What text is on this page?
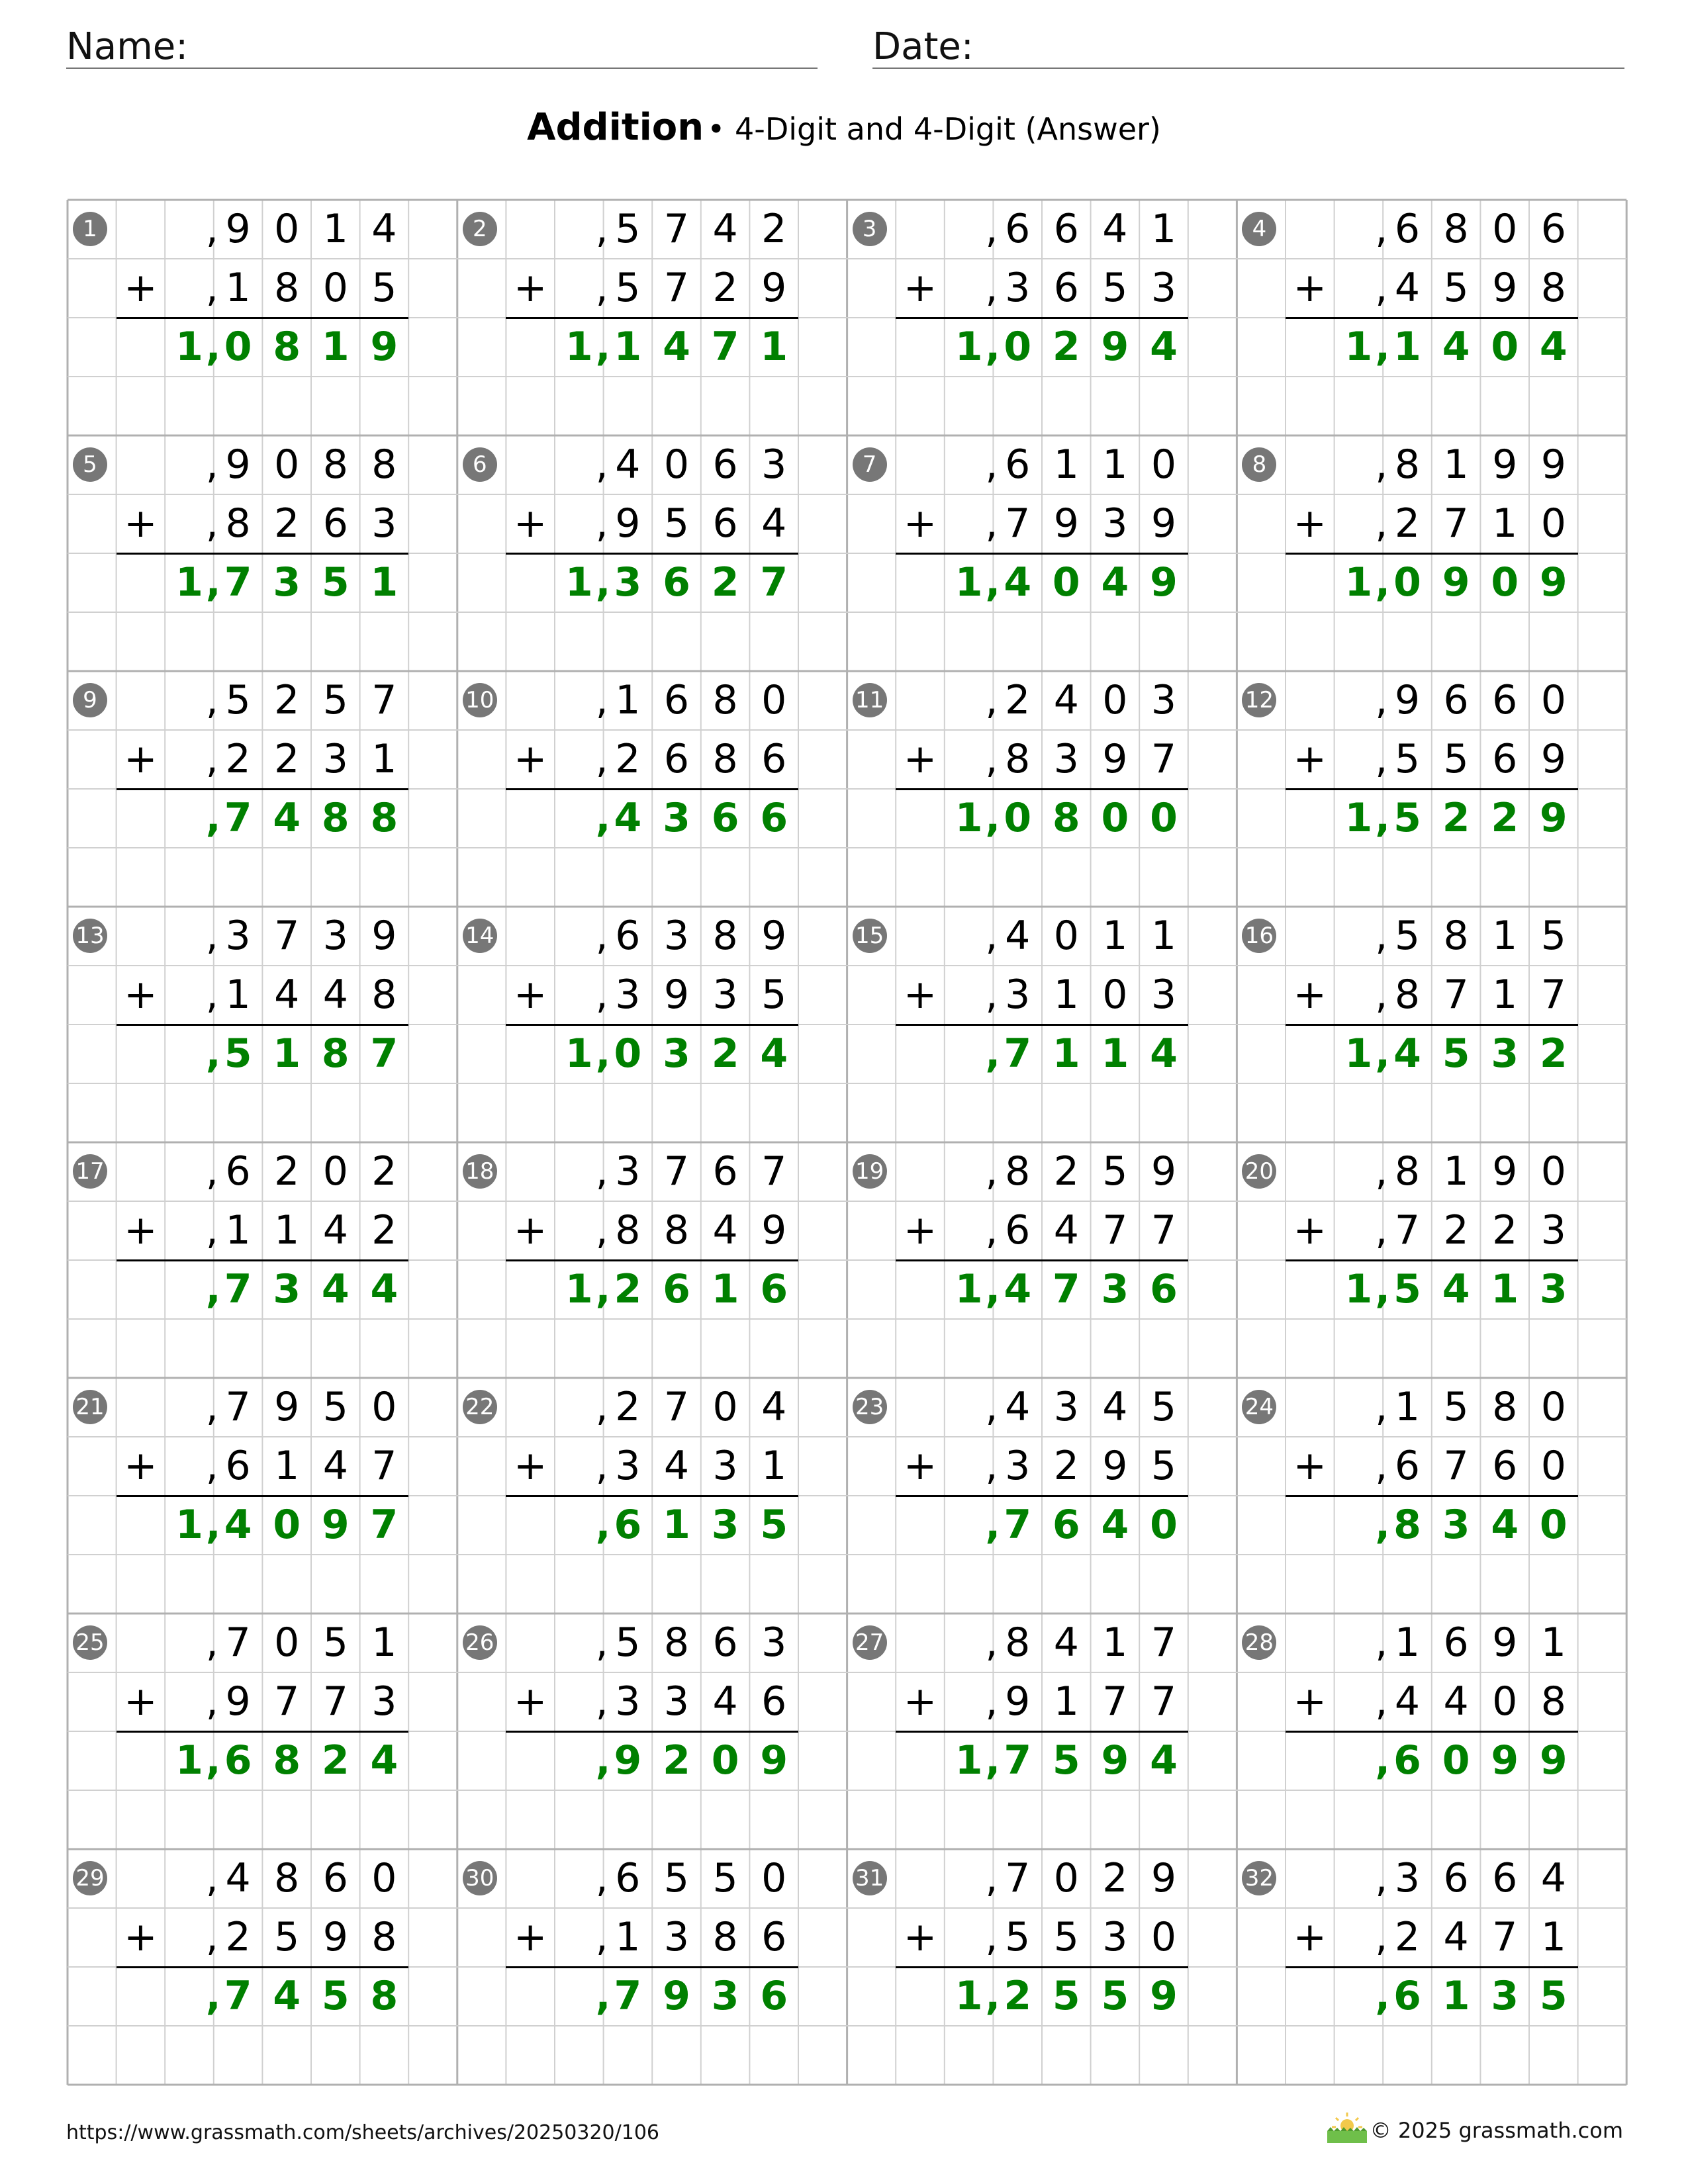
Name:	Date:
Addition • 4-Digit and 4-Digit (Answer)
1	9 0 1 4
,
+ 1 8 0 5
,
1 0 8 1 9
,
2	5 7 4 2
,
+ 5 7 2 9
,
1 1 4 7 1
,
3	6 6 4 1
,
+ 3 6 5 3
,
1 0 2 9 4
,
4	6 8 0 6
,
+ 4 5 9 8
,
1 1 4 0 4
,
5	9 0 8 8
,
+ 8 2 6 3
,
1 7 3 5 1
,
6	4 0 6 3
,
+ 9 5 6 4
,
1 3 6 2 7
,
7	6 1 1 0
,
+ 7 9 3 9
,
1 4 0 4 9
,
8	8 1 9 9
,
+ 2 7 1 0
,
1 0 9 0 9
,
9	5 2 5 7
,
+ 2 2 3 1
,
7 4 8 8
,
10	1 6 8 0
,
+ 2 6 8 6
,
4 3 6 6
,
11	2 4 0 3
,
+ 8 3 9 7
,
1 0 8 0 0
,
12	9 6 6 0
,
+ 5 5 6 9
,
1 5 2 2 9
,
13	3 7 3 9
,
+ 1 4 4 8
,
5 1 8 7
,
14	6 3 8 9
,
+ 3 9 3 5
,
1 0 3 2 4
,
15	4 0 1 1
,
+ 3 1 0 3
,
7 1 1 4
,
16	5 8 1 5
,
+ 8 7 1 7
,
1 4 5 3 2
,
17	6 2 0 2
,
+ 1 1 4 2
,
7 3 4 4
,
18	3 7 6 7
,
+ 8 8 4 9
,
1 2 6 1 6
,
19	8 2 5 9
,
+ 6 4 7 7
,
1 4 7 3 6
,
20	8 1 9 0
,
+ 7 2 2 3
,
1 5 4 1 3
,
21	7 9 5 0
,
+ 6 1 4 7
,
1 4 0 9 7
,
22	2 7 0 4
,
+ 3 4 3 1
,
6 1 3 5
,
23	4 3 4 5
,
+ 3 2 9 5
,
7 6 4 0
,
24	1 5 8 0
,
+ 6 7 6 0
,
8 3 4 0
,
25	7 0 5 1
,
+ 9 7 7 3
,
1 6 8 2 4
,
26	5 8 6 3
,
+ 3 3 4 6
,
9 2 0 9
,
27	8 4 1 7
,
+ 9 1 7 7
,
1 7 5 9 4
,
28	1 6 9 1
,
+ 4 4 0 8
,
6 0 9 9
,
29	4 8 6 0
,
+ 2 5 9 8
,
7 4 5 8
,
30	6 5 5 0
,
+ 1 3 8 6
,
7 9 3 6
,
31	7 0 2 9
,
+ 5 5 3 0
,
1 2 5 5 9
,
32	3 6 6 4
,
+ 2 4 7 1
,
6 1 3 5
,
https://www.grassmath.com/sheets/archives/20250320/106	© 2025 grassmath.com
